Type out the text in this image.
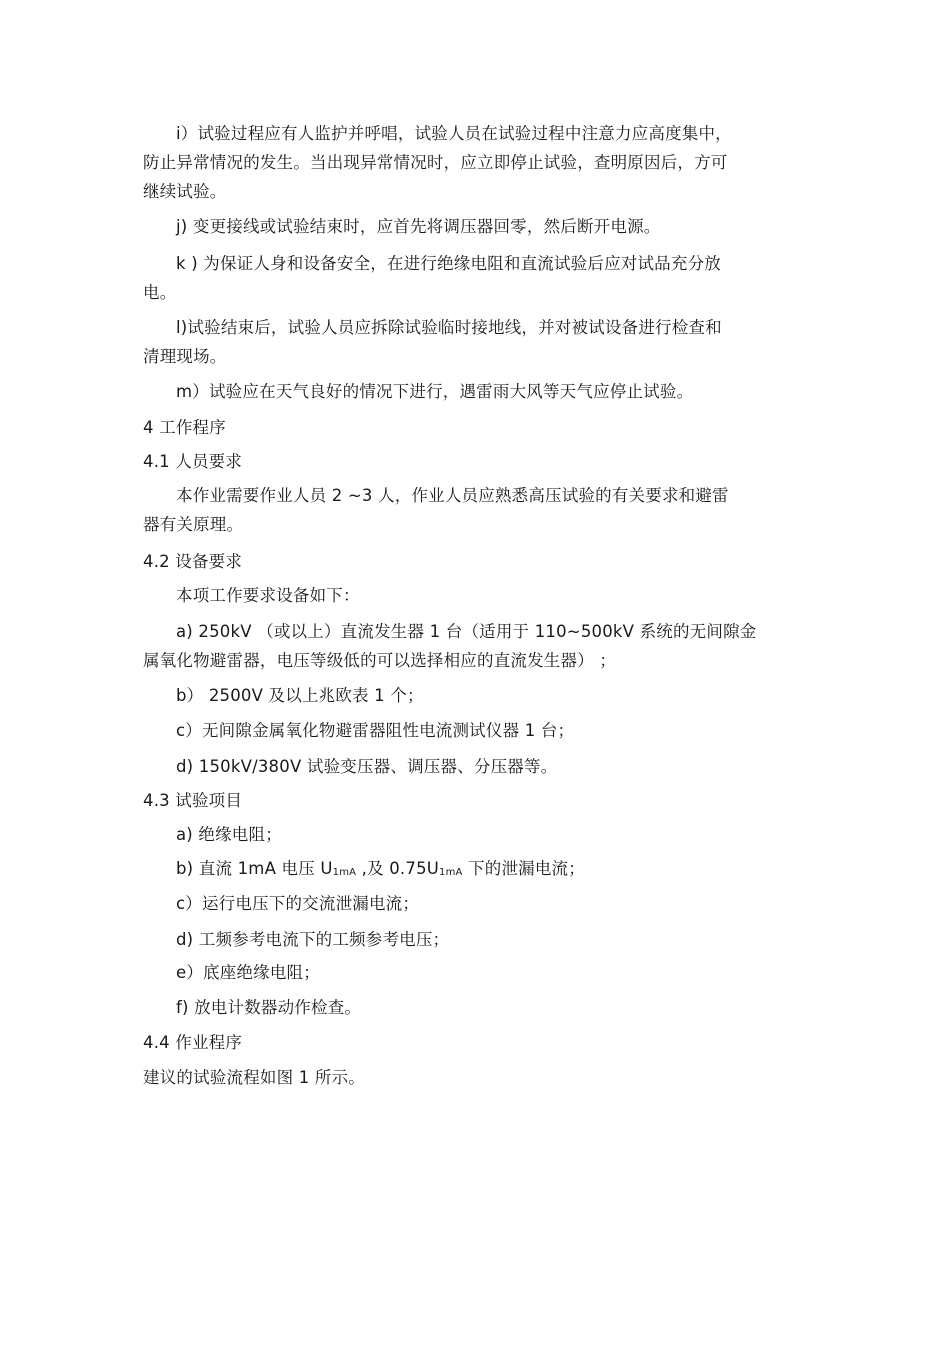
i）试验过程应有人监护并呼唱，试验人员在试验过程中注意力应高度集中，
防止异常情况的发生。当出现异常情况时，应立即停止试验，查明原因后，方可
继续试验。
j) 变更接线或试验结束时，应首先将调压器回零，然后断开电源。
k ) 为保证人身和设备安全，在进行绝缘电阻和直流试验后应对试品充分放
电。
l)试验结束后，试验人员应拆除试验临时接地线，并对被试设备进行检查和
清理现场。
m）试验应在天气良好的情况下进行，遇雷雨大风等天气应停止试验。
4 工作程序
4.1 人员要求
本作业需要作业人员 2 ~3 人，作业人员应熟悉高压试验的有关要求和避雷
器有关原理。
4.2 设备要求
本项工作要求设备如下：
a) 250kV （或以上）直流发生器 1 台（适用于 110~500kV 系统的无间隙金
属氧化物避雷器，电压等级低的可以选择相应的直流发生器） ；
b） 2500V 及以上兆欧表 1 个；
c）无间隙金属氧化物避雷器阻性电流测试仪器 1 台；
d) 150kV/380V 试验变压器、调压器、分压器等。
4.3 试验项目
a) 绝缘电阻；
b) 直流 1mA 电压 $U_{1mA}$ ,及 $0.75U_{1mA}$ 下的泄漏电流；
c）运行电压下的交流泄漏电流；
d) 工频参考电流下的工频参考电压；
e）底座绝缘电阻；
f) 放电计数器动作检查。
4.4 作业程序
建议的试验流程如图 1 所示。
